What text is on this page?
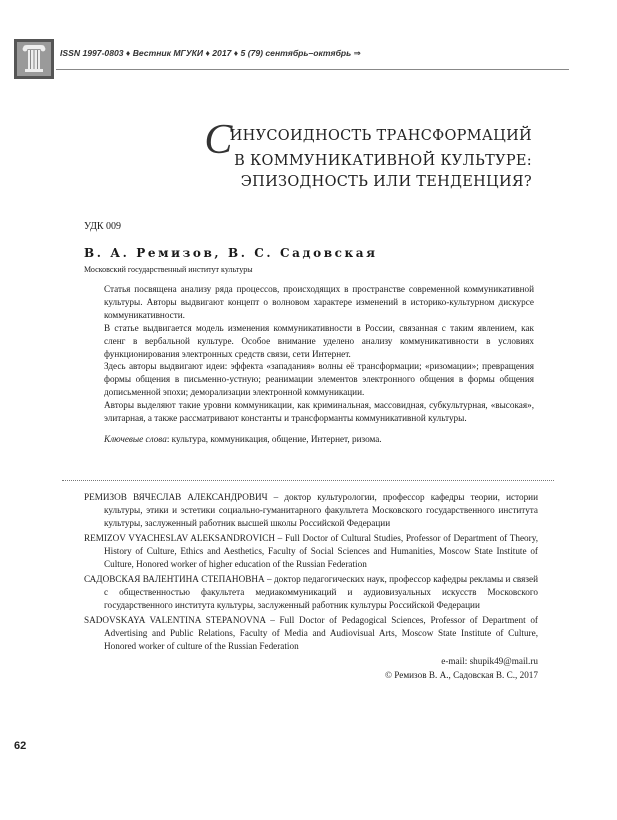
ISSN 1997-0803 ♦ Вестник МГУКИ ♦ 2017 ♦ 5 (79) сентябрь–октябрь ⇒
СИНУСОИДНОСТЬ ТРАНСФОРМАЦИЙ
В КОММУНИКАТИВНОЙ КУЛЬТУРЕ:
ЭПИЗОДНОСТЬ ИЛИ ТЕНДЕНЦИЯ?
УДК 009
В. А. Ремизов, В. С. Садовская
Московский государственный институт культуры

Статья посвящена анализу ряда процессов, происходящих в пространстве современной коммуникативной культуры. Авторы выдвигают концепт о волновом характере изменений в историко-культурном дискурсе коммуникативности.

В статье выдвигается модель изменения коммуникативности в России, связанная с таким явлением, как сленг в вербальной культуре. Особое внимание уделено анализу коммуникативности в условиях функционирования электронных средств связи, сети Интернет.

Здесь авторы выдвигают идеи: эффекта «западания» волны её трансформации; «ризомации»; превращения формы общения в письменно-устную; реанимации элементов электронного общения в формы общения дописьменной эпохи; деморализации электронной коммуникации.

Авторы выделяют такие уровни коммуникации, как криминальная, массовидная, субкультурная, «высокая», элитарная, а также рассматривают константы и трансформанты коммуникативной культуры.

Ключевые слова: культура, коммуникация, общение, Интернет, ризома.

РЕМИЗОВ ВЯЧЕСЛАВ АЛЕКСАНДРОВИЧ – доктор культурологии, профессор кафедры теории, истории культуры, этики и эстетики социально-гуманитарного факультета Московского государственного института культуры, заслуженный работник высшей школы Российской Федерации

REMIZOV VYACHESLAV ALEKSANDROVICH – Full Doctor of Cultural Studies, Professor of Department of Theory, History of Culture, Ethics and Aesthetics, Faculty of Social Sciences and Humanities, Moscow State Institute of Culture, Honored worker of higher education of the Russian Federation

САДОВСКАЯ ВАЛЕНТИНА СТЕПАНОВНА – доктор педагогических наук, профессор кафедры рекламы и связей с общественностью факультета медиакоммуникаций и аудиовизуальных искусств Московского государственного института культуры, заслуженный работник культуры Российской Федерации

SADOVSKAYA VALENTINA STEPANOVNA – Full Doctor of Pedagogical Sciences, Professor of Department of Advertising and Public Relations, Faculty of Media and Audiovisual Arts, Moscow State Institute of Culture, Honored worker of culture of the Russian Federation

e-mail: shupik49@mail.ru
© Ремизов В. А., Садовская В. С., 2017
62
